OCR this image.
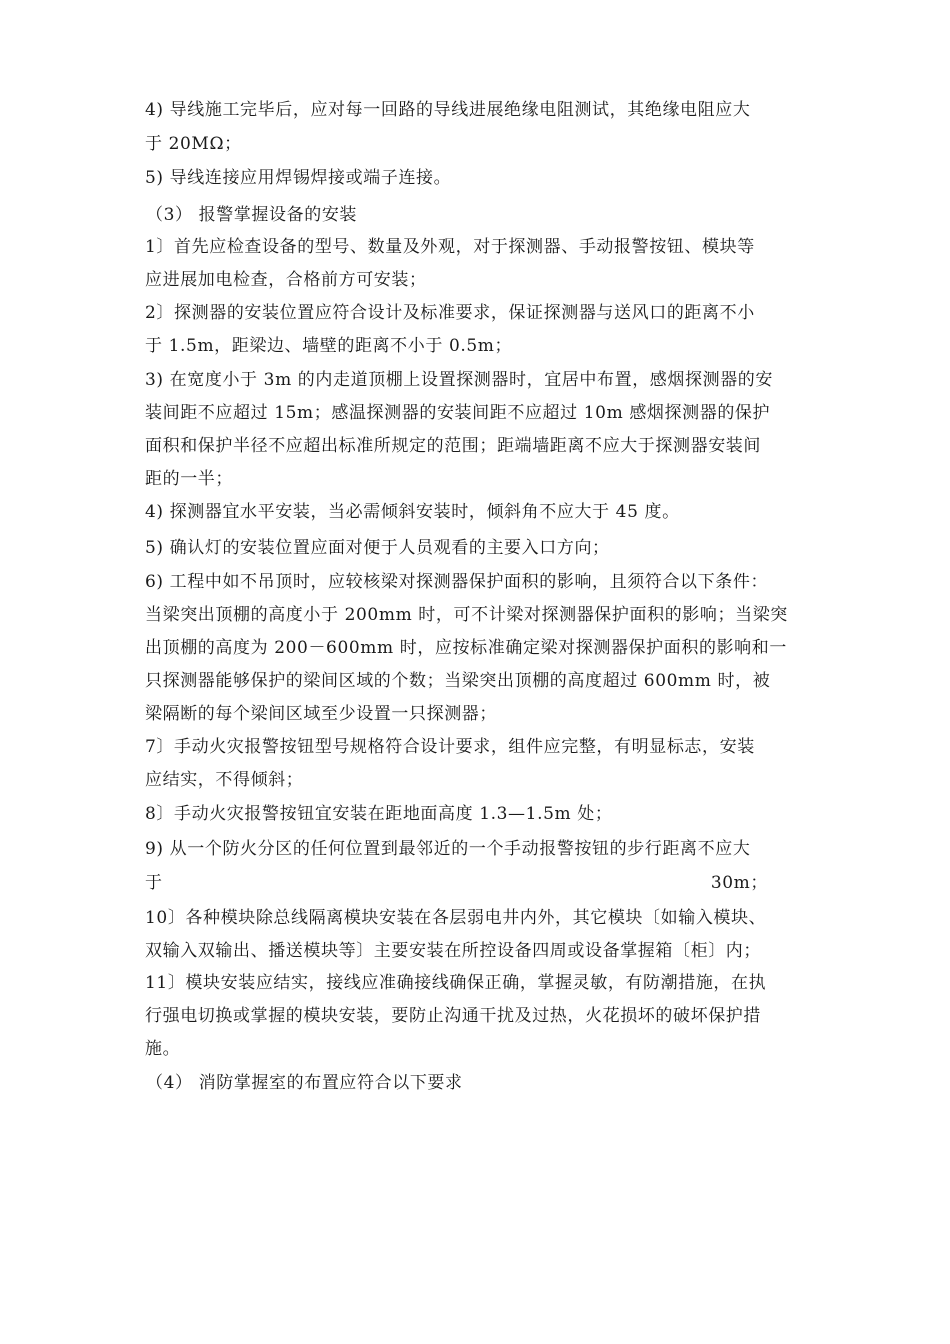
4) 导线施工完毕后，应对每一回路的导线进展绝缘电阻测试，其绝缘电阻应大
于 20MΩ；
5) 导线连接应用焊锡焊接或端子连接。
（3） 报警掌握设备的安装
1〕首先应检查设备的型号、数量及外观，对于探测器、手动报警按钮、模块等
应进展加电检查，合格前方可安装；
2〕探测器的安装位置应符合设计及标准要求，保证探测器与送风口的距离不小
于 1.5m，距梁边、墙壁的距离不小于 0.5m；
3) 在宽度小于 3m 的内走道顶棚上设置探测器时，宜居中布置，感烟探测器的安
装间距不应超过 15m；感温探测器的安装间距不应超过 10m 感烟探测器的保护
面积和保护半径不应超出标准所规定的范围；距端墙距离不应大于探测器安装间
距的一半；
4) 探测器宜水平安装，当必需倾斜安装时，倾斜角不应大于 45 度。
5) 确认灯的安装位置应面对便于人员观看的主要入口方向；
6) 工程中如不吊顶时，应较核梁对探测器保护面积的影响，且须符合以下条件：
当梁突出顶棚的高度小于 200mm 时，可不计梁对探测器保护面积的影响；当梁突
出顶棚的高度为 200－600mm 时，应按标准确定梁对探测器保护面积的影响和一
只探测器能够保护的梁间区域的个数；当梁突出顶棚的高度超过 600mm 时，被
梁隔断的每个梁间区域至少设置一只探测器；
7〕手动火灾报警按钮型号规格符合设计要求，组件应完整，有明显标志，安装
应结实，不得倾斜；
8〕手动火灾报警按钮宜安装在距地面高度 1.3—1.5m 处；
9) 从一个防火分区的任何位置到最邻近的一个手动报警按钮的步行距离不应大
于	30m；
10〕各种模块除总线隔离模块安装在各层弱电井内外，其它模块〔如输入模块、
双输入双输出、播送模块等〕主要安装在所控设备四周或设备掌握箱〔柜〕内；
11〕模块安装应结实，接线应准确接线确保正确，掌握灵敏，有防潮措施，在执
行强电切换或掌握的模块安装，要防止沟通干扰及过热，火花损坏的破坏保护措
施。
（4） 消防掌握室的布置应符合以下要求
